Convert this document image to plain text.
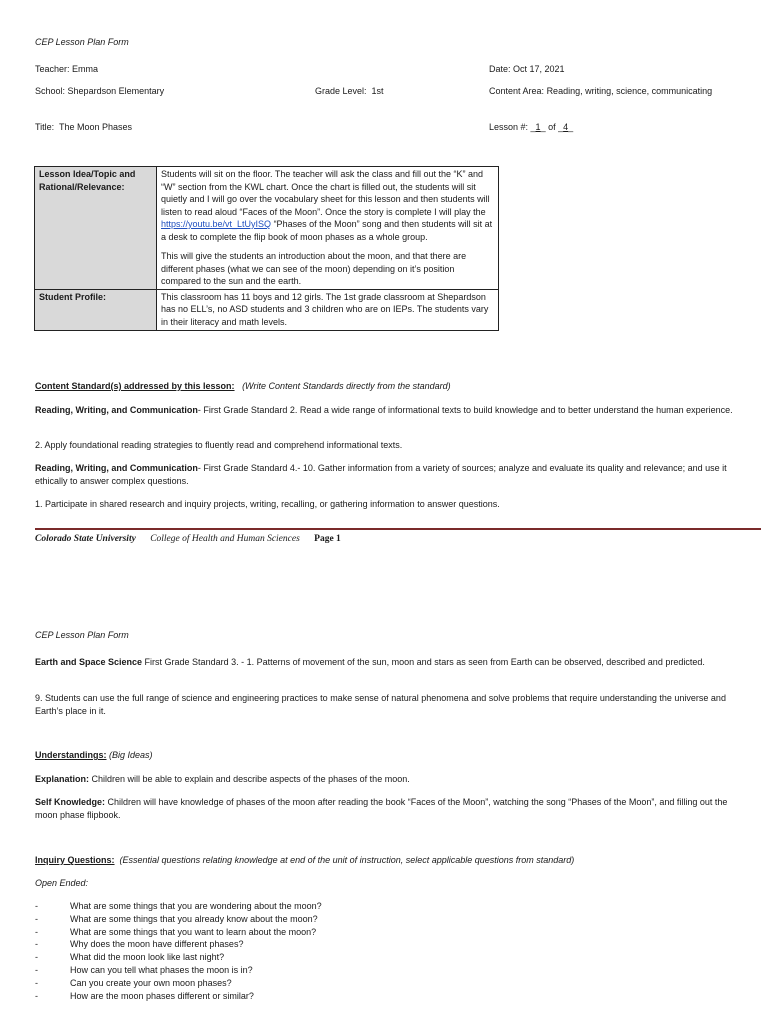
CEP Lesson Plan Form
Teacher: Emma	Date: Oct 17, 2021
School: Shepardson Elementary	Grade Level: 1st	Content Area: Reading, writing, science, communicating
Title: The Moon Phases	Lesson #: _1_ of _4_
Lesson Idea/Topic and Rational/Relevance:	Students will sit on the floor. The teacher will ask the class and fill out the “K” and “W” section from the KWL chart. Once the chart is filled out, the students will sit quietly and I will go over the vocabulary sheet for this lesson and then students will listen to read aloud “Faces of the Moon”. Once the story is complete I will play the https://youtu.be/vt_LtUyISQ “Phases of the Moon” song and then students will sit at a desk to complete the flip book of moon phases as a whole group.

This will give the students an introduction about the moon, and that there are different phases (what we can see of the moon) depending on it’s position compared to the sun and the earth.

Student Profile:	This classroom has 11 boys and 12 girls. The 1st grade classroom at Shepardson has no ELL’s, no ASD students and 3 children who are on IEPs. The students vary in their literacy and math levels.
Content Standard(s) addressed by this lesson: (Write Content Standards directly from the standard)

Reading, Writing, and Communication- First Grade Standard 2. Read a wide range of informational texts to build knowledge and to better understand the human experience.

2. Apply foundational reading strategies to fluently read and comprehend informational texts.

Reading, Writing, and Communication- First Grade Standard 4.- 10. Gather information from a variety of sources; analyze and evaluate its quality and relevance; and use it ethically to answer complex questions.

1. Participate in shared research and inquiry projects, writing, recalling, or gathering information to answer questions.
Colorado State University College of Health and Human Sciences Page 1
CEP Lesson Plan Form

Earth and Space Science First Grade Standard 3. - 1. Patterns of movement of the sun, moon and stars as seen from Earth can be observed, described and predicted.

9. Students can use the full range of science and engineering practices to make sense of natural phenomena and solve problems that require understanding the universe and Earth’s place in it.
Understandings: (Big Ideas)

Explanation: Children will be able to explain and describe aspects of the phases of the moon.

Self Knowledge: Children will have knowledge of phases of the moon after reading the book “Faces of the Moon”, watching the song “Phases of the Moon”, and filling out the moon phase flipbook.

Inquiry Questions: (Essential questions relating knowledge at end of the unit of instruction, select applicable questions from standard)
Open Ended:
-	What are some things that you are wondering about the moon?
-	What are some things that you already know about the moon?
-	What are some things that you want to learn about the moon?
-	Why does the moon have different phases?
-	What did the moon look like last night?
-	How can you tell what phases the moon is in?
-	Can you create your own moon phases?
-	How are the moon phases different or similar?
